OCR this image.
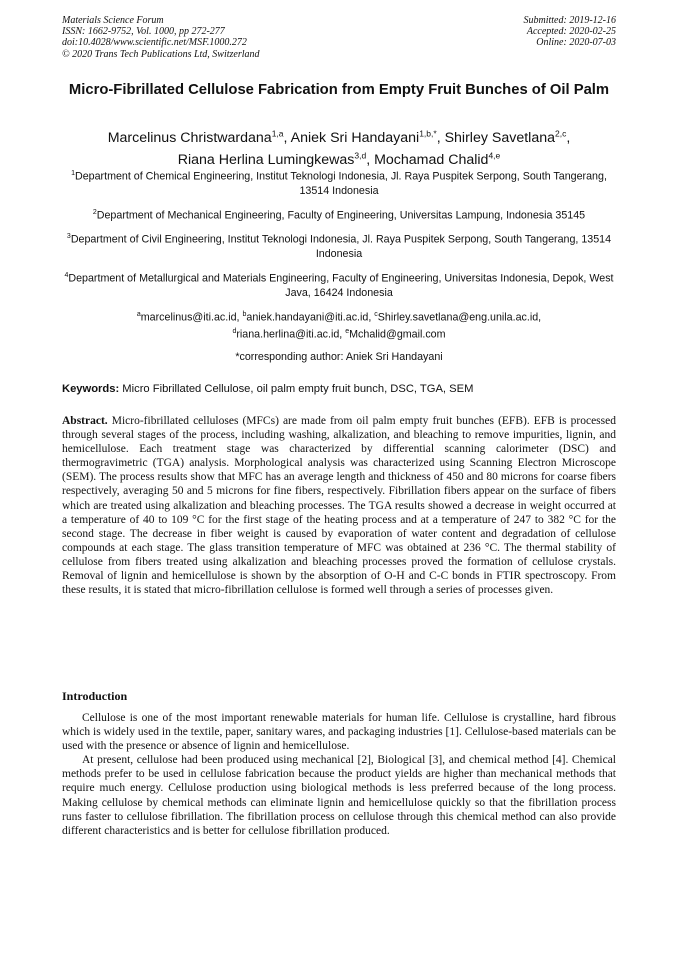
Materials Science Forum
ISSN: 1662-9752, Vol. 1000, pp 272-277
doi:10.4028/www.scientific.net/MSF.1000.272
© 2020 Trans Tech Publications Ltd, Switzerland
Submitted: 2019-12-16
Accepted: 2020-02-25
Online: 2020-07-03
Micro-Fibrillated Cellulose Fabrication from Empty Fruit Bunches of Oil Palm
Marcelinus Christwardana$^{1,a}$, Aniek Sri Handayani$^{1,b,*}$, Shirley Savetlana$^{2,c}$,
Riana Herlina Lumingkewas$^{3,d}$, Mochamad Chalid$^{4,e}$
$^1$Department of Chemical Engineering, Institut Teknologi Indonesia, Jl. Raya Puspitek Serpong, South Tangerang, 13514 Indonesia
$^2$Department of Mechanical Engineering, Faculty of Engineering, Universitas Lampung, Indonesia 35145
$^3$Department of Civil Engineering, Institut Teknologi Indonesia, Jl. Raya Puspitek Serpong, South Tangerang, 13514 Indonesia
$^4$Department of Metallurgical and Materials Engineering, Faculty of Engineering, Universitas Indonesia, Depok, West Java, 16424 Indonesia
$^a$marcelinus@iti.ac.id, $^b$aniek.handayani@iti.ac.id, $^c$Shirley.savetlana@eng.unila.ac.id,
$^d$riana.herlina@iti.ac.id, $^e$Mchalid@gmail.com
*corresponding author: Aniek Sri Handayani
Keywords: Micro Fibrillated Cellulose, oil palm empty fruit bunch, DSC, TGA, SEM
Abstract. Micro-fibrillated celluloses (MFCs) are made from oil palm empty fruit bunches (EFB). EFB is processed through several stages of the process, including washing, alkalization, and bleaching to remove impurities, lignin, and hemicellulose. Each treatment stage was characterized by differential scanning calorimeter (DSC) and thermogravimetric (TGA) analysis. Morphological analysis was characterized using Scanning Electron Microscope (SEM). The process results show that MFC has an average length and thickness of 450 and 80 microns for coarse fibers respectively, averaging 50 and 5 microns for fine fibers, respectively. Fibrillation fibers appear on the surface of fibers which are treated using alkalization and bleaching processes. The TGA results showed a decrease in weight occurred at a temperature of 40 to 109 °C for the first stage of the heating process and at a temperature of 247 to 382 °C for the second stage. The decrease in fiber weight is caused by evaporation of water content and degradation of cellulose compounds at each stage. The glass transition temperature of MFC was obtained at 236 °C. The thermal stability of cellulose from fibers treated using alkalization and bleaching processes proved the formation of cellulose crystals. Removal of lignin and hemicellulose is shown by the absorption of O-H and C-C bonds in FTIR spectroscopy. From these results, it is stated that micro-fibrillation cellulose is formed well through a series of processes given.
Introduction

Cellulose is one of the most important renewable materials for human life. Cellulose is crystalline, hard fibrous which is widely used in the textile, paper, sanitary wares, and packaging industries [1]. Cellulose-based materials can be used with the presence or absence of lignin and hemicellulose.

At present, cellulose had been produced using mechanical [2], Biological [3], and chemical method [4]. Chemical methods prefer to be used in cellulose fabrication because the product yields are higher than mechanical methods that require much energy. Cellulose production using biological methods is less preferred because of the long process. Making cellulose by chemical methods can eliminate lignin and hemicellulose quickly so that the fibrillation process runs faster to cellulose fibrillation. The fibrillation process on cellulose through this chemical method can also provide different characteristics and is better for cellulose fibrillation produced.
